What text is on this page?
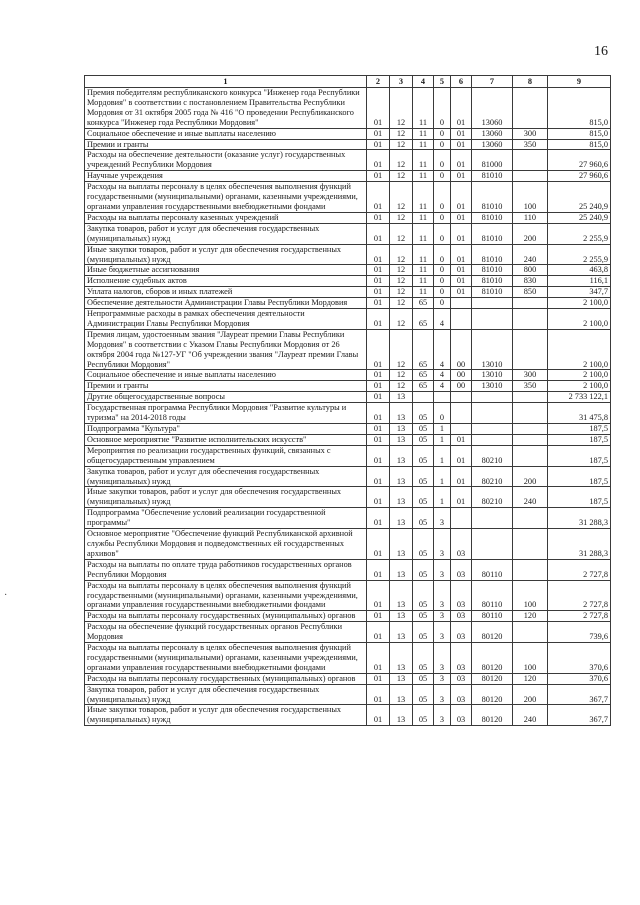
16
·
1	2	3	4	5	6	7	8	9
Премия победителям республиканского конкурса "Инженер года Республики Мордовия" в соответствии с постановлением Правительства Республики Мордовия от 31 октября 2005 года № 416 "О проведении Республиканского конкурса "Инженер года Республики Мордовия"	01	12	11	0	01	13060		815,0
Социальное обеспечение и иные выплаты населению	01	12	11	0	01	13060	300	815,0
Премии и гранты	01	12	11	0	01	13060	350	815,0
Расходы на обеспечение деятельности (оказание услуг) государственных учреждений Республики Мордовия	01	12	11	0	01	81000		27 960,6
Научные учреждения	01	12	11	0	01	81010		27 960,6
Расходы на выплаты персоналу в целях обеспечения выполнения функций государственными (муниципальными) органами, казенными учреждениями, органами управления государственными внебюджетными фондами	01	12	11	0	01	81010	100	25 240,9
Расходы на выплаты персоналу казенных учреждений	01	12	11	0	01	81010	110	25 240,9
Закупка товаров, работ и услуг для обеспечения государственных (муниципальных) нужд	01	12	11	0	01	81010	200	2 255,9
Иные закупки товаров, работ и услуг для обеспечения государственных (муниципальных) нужд	01	12	11	0	01	81010	240	2 255,9
Иные бюджетные ассигнования	01	12	11	0	01	81010	800	463,8
Исполнение судебных актов	01	12	11	0	01	81010	830	116,1
Уплата налогов, сборов и иных платежей	01	12	11	0	01	81010	850	347,7
Обеспечение деятельности Администрации Главы Республики Мордовия	01	12	65	0				2 100,0
Непрограммные расходы в рамках обеспечения деятельности Администрации Главы Республики Мордовия	01	12	65	4				2 100,0
Премия лицам, удостоенным звания "Лауреат премии Главы Республики Мордовия" в соответствии с Указом Главы Республики Мордовия от 26 октября 2004 года №127-УГ "Об учреждении звания "Лауреат премии Главы Республики Мордовия"	01	12	65	4	00	13010		2 100,0
Социальное обеспечение и иные выплаты населению	01	12	65	4	00	13010	300	2 100,0
Премии и гранты	01	12	65	4	00	13010	350	2 100,0
Другие общегосударственные вопросы	01	13						2 733 122,1
Государственная программа Республики Мордовия "Развитие культуры и туризма" на 2014-2018 годы	01	13	05	0				31 475,8
Подпрограмма "Культура"	01	13	05	1				187,5
Основное мероприятие "Развитие исполнительских искусств"	01	13	05	1	01			187,5
Мероприятия по реализации государственных функций, связанных с общегосударственным управлением	01	13	05	1	01	80210		187,5
Закупка товаров, работ и услуг для обеспечения государственных (муниципальных) нужд	01	13	05	1	01	80210	200	187,5
Иные закупки товаров, работ и услуг для обеспечения государственных (муниципальных) нужд	01	13	05	1	01	80210	240	187,5
Подпрограмма "Обеспечение условий реализации государственной программы"	01	13	05	3				31 288,3
Основное мероприятие "Обеспечение функций Республиканской архивной службы Республики Мордовия и подведомственных ей государственных архивов"	01	13	05	3	03			31 288,3
Расходы на выплаты по оплате труда работников государственных органов Республики Мордовия	01	13	05	3	03	80110		2 727,8
Расходы на выплаты персоналу в целях обеспечения выполнения функций государственными (муниципальными) органами, казенными учреждениями, органами управления государственными внебюджетными фондами	01	13	05	3	03	80110	100	2 727,8
Расходы на выплаты персоналу государственных (муниципальных) органов	01	13	05	3	03	80110	120	2 727,8
Расходы на обеспечение функций государственных органов Республики Мордовия	01	13	05	3	03	80120		739,6
Расходы на выплаты персоналу в целях обеспечения выполнения функций государственными (муниципальными) органами, казенными учреждениями, органами управления государственными внебюджетными фондами	01	13	05	3	03	80120	100	370,6
Расходы на выплаты персоналу государственных (муниципальных) органов	01	13	05	3	03	80120	120	370,6
Закупка товаров, работ и услуг для обеспечения государственных (муниципальных) нужд	01	13	05	3	03	80120	200	367,7
Иные закупки товаров, работ и услуг для обеспечения государственных (муниципальных) нужд	01	13	05	3	03	80120	240	367,7
